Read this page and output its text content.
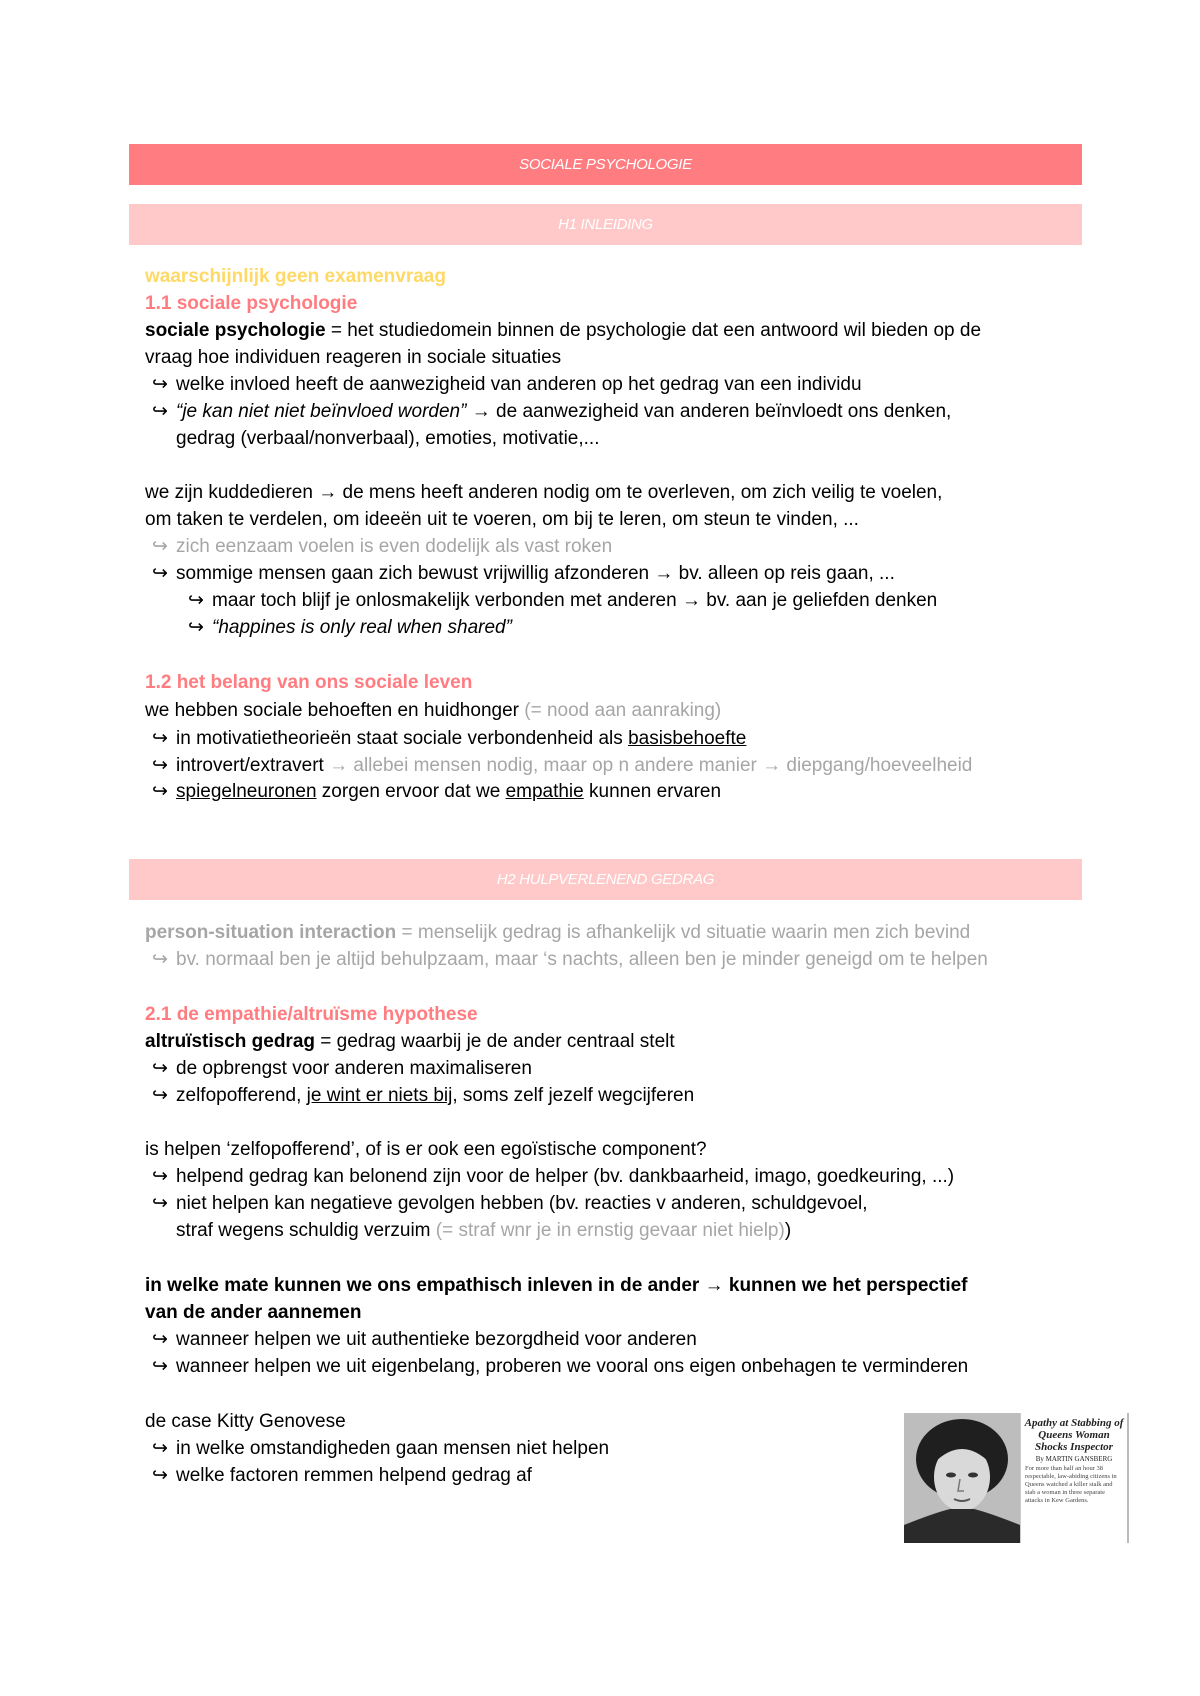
SOCIALE PSYCHOLOGIE
H1 INLEIDING
waarschijnlijk geen examenvraag
1.1 sociale psychologie
sociale psychologie = het studiedomein binnen de psychologie dat een antwoord wil bieden op de
vraag hoe individuen reageren in sociale situaties
↪ welke invloed heeft de aanwezigheid van anderen op het gedrag van een individu
↪ “je kan niet niet beïnvloed worden” → de aanwezigheid van anderen beïnvloedt ons denken,
gedrag (verbaal/nonverbaal), emoties, motivatie,...
we zijn kuddedieren → de mens heeft anderen nodig om te overleven, om zich veilig te voelen,
om taken te verdelen, om ideeën uit te voeren, om bij te leren, om steun te vinden, ...
↪ zich eenzaam voelen is even dodelijk als vast roken
↪ sommige mensen gaan zich bewust vrijwillig afzonderen → bv. alleen op reis gaan, ...
↪ maar toch blijf je onlosmakelijk verbonden met anderen → bv. aan je geliefden denken
↪ “happines is only real when shared”
1.2 het belang van ons sociale leven
we hebben sociale behoeften en huidhonger (= nood aan aanraking)
↪ in motivatietheorieën staat sociale verbondenheid als basisbehoefte
↪ introvert/extravert → allebei mensen nodig, maar op n andere manier → diepgang/hoeveelheid
↪ spiegelneuronen zorgen ervoor dat we empathie kunnen ervaren
H2 HULPVERLENEND GEDRAG
person-situation interaction = menselijk gedrag is afhankelijk vd situatie waarin men zich bevind
↪ bv. normaal ben je altijd behulpzaam, maar ‘s nachts, alleen ben je minder geneigd om te helpen
2.1 de empathie/altruïsme hypothese
altruïstisch gedrag = gedrag waarbij je de ander centraal stelt
↪ de opbrengst voor anderen maximaliseren
↪ zelfopofferend, je wint er niets bij, soms zelf jezelf wegcijferen
is helpen ‘zelfopofferend’, of is er ook een egoïstische component?
↪ helpend gedrag kan belonend zijn voor de helper (bv. dankbaarheid, imago, goedkeuring, ...)
↪ niet helpen kan negatieve gevolgen hebben (bv. reacties v anderen, schuldgevoel,
straf wegens schuldig verzuim (= straf wnr je in ernstig gevaar niet hielp))
in welke mate kunnen we ons empathisch inleven in de ander → kunnen we het perspectief
van de ander aannemen
↪ wanneer helpen we uit authentieke bezorgdheid voor anderen
↪ wanneer helpen we uit eigenbelang, proberen we vooral ons eigen onbehagen te verminderen
de case Kitty Genovese
↪ in welke omstandigheden gaan mensen niet helpen
↪ welke factoren remmen helpend gedrag af
Apathy at Stabbing of Queens Woman Shocks Inspector
By MARTIN GANSBERG
For more than half an hour 38 respectable, law-abiding citizens in Queens watched a killer stalk and stab a woman in three separate attacks in Kew Gardens.
